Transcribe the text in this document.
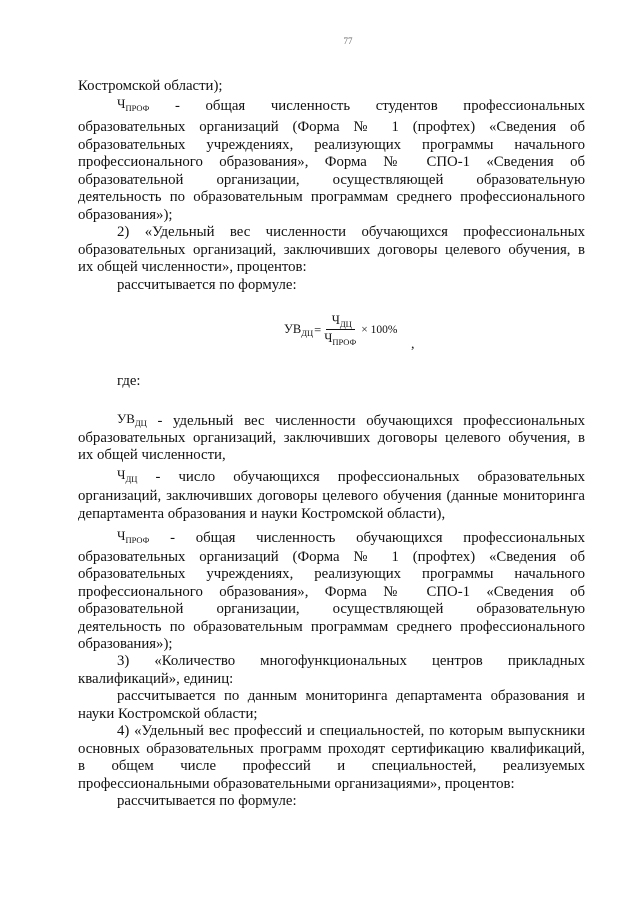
77
Костромской области);
$Ч_{ПРОФ}$ - общая численность студентов профессиональных
образовательных организаций (Форма № 1 (профтех) «Сведения об
образовательных учреждениях, реализующих программы начального
профессионального образования», Форма № СПО-1 «Сведения об
образовательной организации, осуществляющей образовательную
деятельность по образовательным программам среднего профессионального
образования»);
2) «Удельный вес численности обучающихся профессиональных
образовательных организаций, заключивших договоры целевого обучения, в
их общей численности», процентов:
рассчитывается по формуле:
$УВ_{ДЦ} = \frac{Ч_{ДЦ}}{Ч_{ПРОФ}} \times 100\%$
,
где:
$УВ_{ДЦ}$ - удельный вес численности обучающихся профессиональных
образовательных организаций, заключивших договоры целевого обучения, в
их общей численности,
$Ч_{ДЦ}$ - число обучающихся профессиональных образовательных
организаций, заключивших договоры целевого обучения (данные мониторинга
департамента образования и науки Костромской области),
$Ч_{ПРОФ}$ - общая численность обучающихся профессиональных
образовательных организаций (Форма № 1 (профтех) «Сведения об
образовательных учреждениях, реализующих программы начального
профессионального образования», Форма № СПО-1 «Сведения об
образовательной организации, осуществляющей образовательную
деятельность по образовательным программам среднего профессионального
образования»);
3) «Количество многофункциональных центров прикладных
квалификаций», единиц:
рассчитывается по данным мониторинга департамента образования и
науки Костромской области;
4) «Удельный вес профессий и специальностей, по которым выпускники
основных образовательных программ проходят сертификацию квалификаций,
в общем числе профессий и специальностей, реализуемых
профессиональными образовательными организациями», процентов:
рассчитывается по формуле:
